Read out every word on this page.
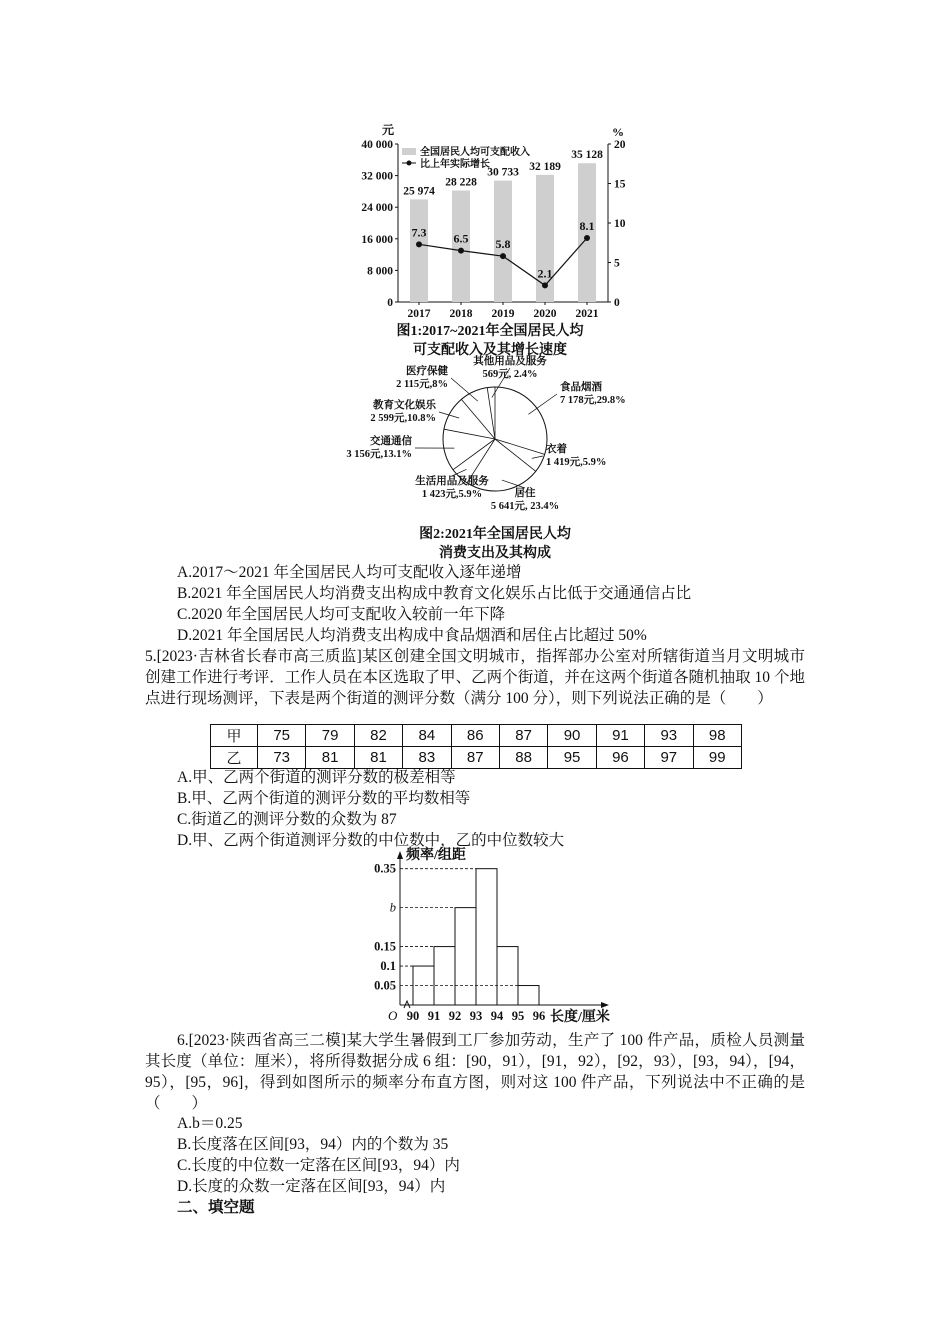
元	%
0
8 000
16 000
24 000
32 000
40 000
0
5
10
15
20
25 974
2017
28 228
2018
30 733
2019
32 189
2020
35 128
2021
7.3 6.5 5.8
2.1
8.1
全国居民人均可支配收入
比上年实际增长
图1:2017~2021年全国居民人均
可支配收入及其增长速度
食品烟酒
7 178元,29.8%
衣着
1 419元,5.9%
居住
5 641元, 23.4%
生活用品及服务
1 423元,5.9%
交通通信
3 156元,13.1%
教育文化娱乐
2 599元,10.8%
医疗保健
2 115元,8%
其他用品及服务
569元, 2.4%
图2:2021年全国居民人均
消费支出及其构成
A.2017～2021 年全国居民人均可支配收入逐年递增
B.2021 年全国居民人均消费支出构成中教育文化娱乐占比低于交通通信占比
C.2020 年全国居民人均可支配收入较前一年下降
D.2021 年全国居民人均消费支出构成中食品烟酒和居住占比超过 50%
5.[2023·吉林省长春市高三质监]某区创建全国文明城市，指挥部办公室对所辖街道当月文明城市创建工作进行考评．工作人员在本区选取了甲、乙两个街道，并在这两个街道各随机抽取 10 个地点进行现场测评，下表是两个街道的测评分数（满分 100 分），则下列说法正确的是（　　）
甲	75	79	82	84	86	87	90	91	93	98
乙	73	81	81	83	87	88	95	96	97	99
A.甲、乙两个街道的测评分数的极差相等
B.甲、乙两个街道的测评分数的平均数相等
C.街道乙的测评分数的众数为 87
D.甲、乙两个街道测评分数的中位数中，乙的中位数较大
频率/组距
O	长度/厘米
0.05
0.1
0.15
b
0.35
90 91 92 93 94 95 96
6.[2023·陕西省高三二模]某大学生暑假到工厂参加劳动，生产了 100 件产品，质检人员测量其长度（单位：厘米），将所得数据分成 6 组：[90，91），[91，92），[92，93），[93，94），[94，95），[95，96]，得到如图所示的频率分布直方图，则对这 100 件产品，下列说法中不正确的是（　　）
A.b＝0.25
B.长度落在区间[93，94）内的个数为 35
C.长度的中位数一定落在区间[93，94）内
D.长度的众数一定落在区间[93，94）内
二、填空题
